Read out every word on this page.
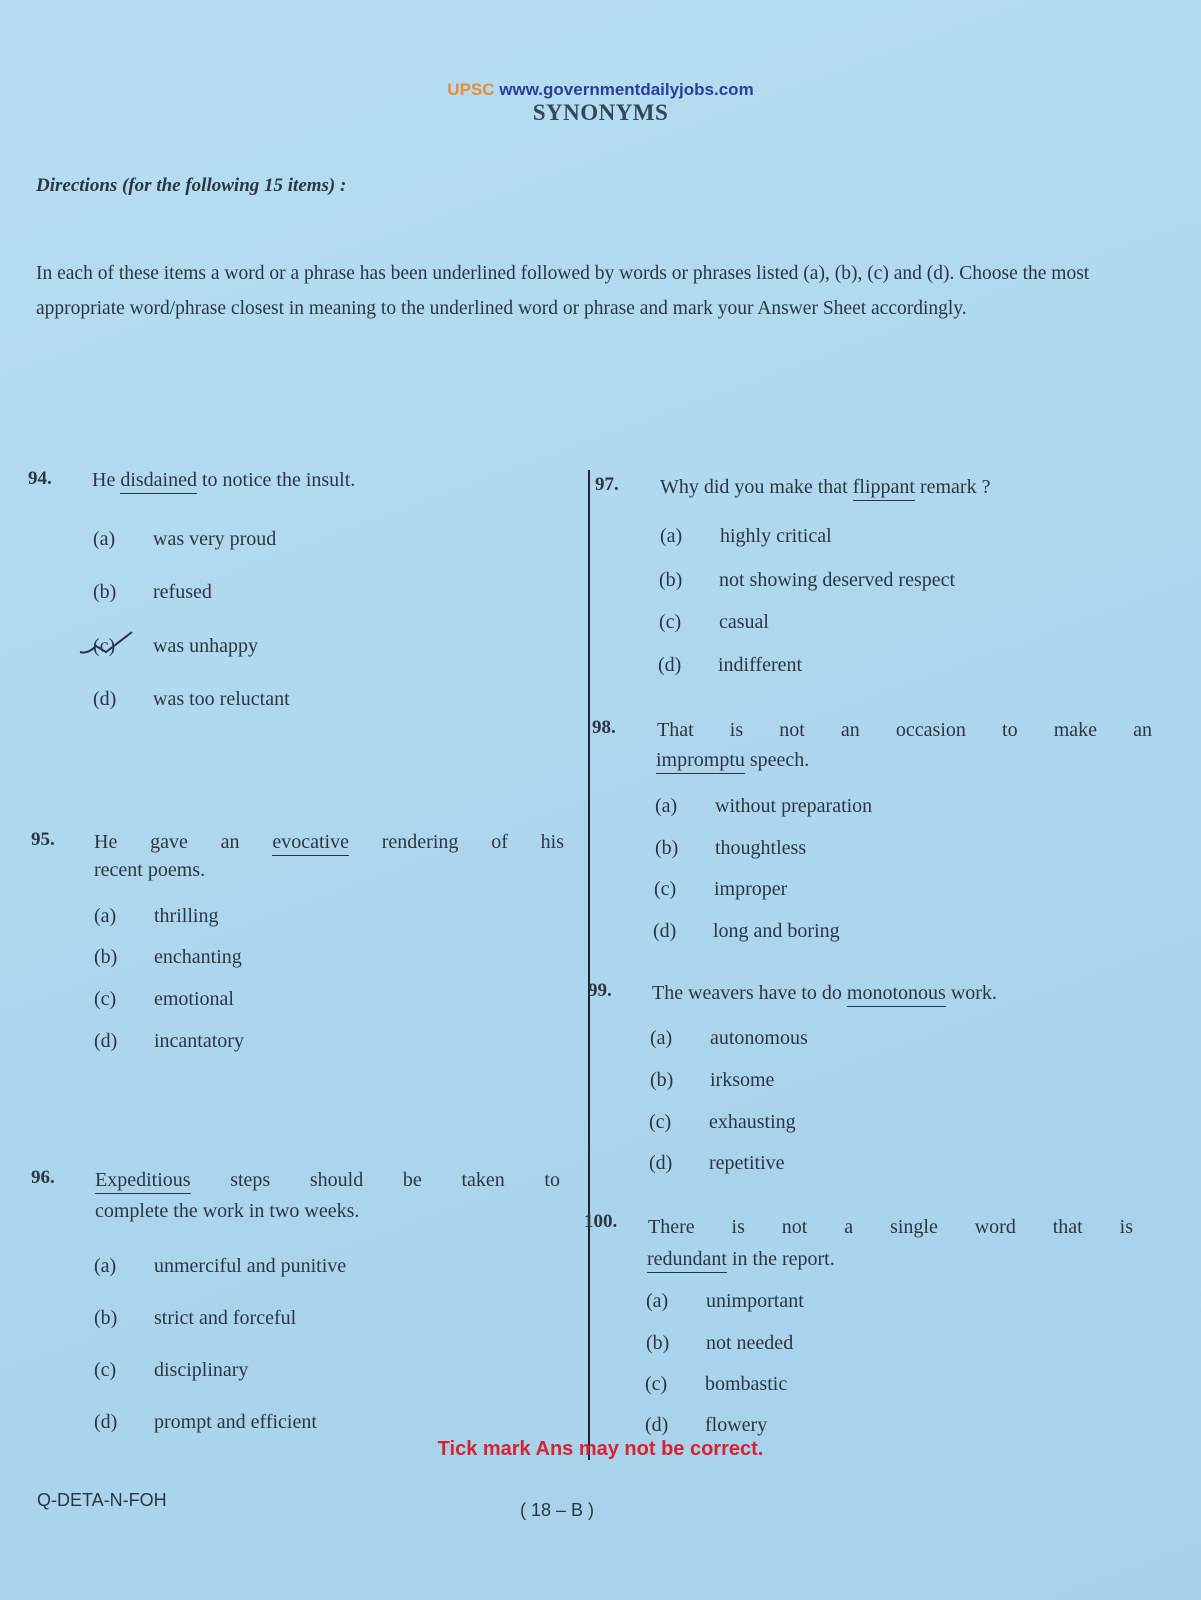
UPSC www.governmentdailyjobs.com
SYNONYMS
Directions (for the following 15 items) :
In each of these items a word or a phrase has been underlined followed by words or phrases listed (a), (b), (c) and (d). Choose the most appropriate word/phrase closest in meaning to the underlined word or phrase and mark your Answer Sheet accordingly.
94. He disdained to notice the insult.
(a) was very proud
(b) refused
(c) was unhappy
(d) was too reluctant
95. He gave an evocative rendering of his
recent poems.
(a) thrilling
(b) enchanting
(c) emotional
(d) incantatory
96. Expeditious steps should be taken to
complete the work in two weeks.
(a) unmerciful and punitive
(b) strict and forceful
(c) disciplinary
(d) prompt and efficient
97. Why did you make that flippant remark ?
(a) highly critical
(b) not showing deserved respect
(c) casual
(d) indifferent
98. That is not an occasion to make an
impromptu speech.
(a) without preparation
(b) thoughtless
(c) improper
(d) long and boring
99. The weavers have to do monotonous work.
(a) autonomous
(b) irksome
(c) exhausting
(d) repetitive
100. There is not a single word that is
redundant in the report.
(a) unimportant
(b) not needed
(c) bombastic
(d) flowery
Tick mark Ans may not be correct.
Q-DETA-N-FOH	( 18 – B )
